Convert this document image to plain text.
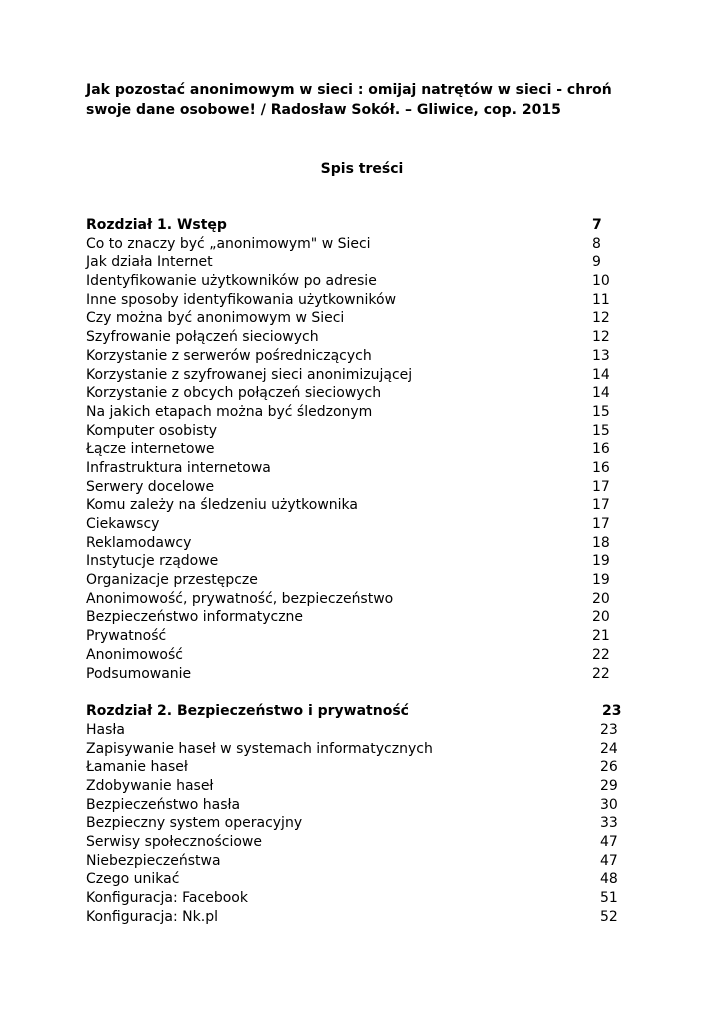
Jak pozostać anonimowym w sieci : omijaj natrętów w sieci - chroń
swoje dane osobowe! / Radosław Sokół. – Gliwice, cop. 2015
Spis treści
Rozdział 1. Wstęp	7
Co to znaczy być „anonimowym" w Sieci	8
Jak działa Internet	9
Identyfikowanie użytkowników po adresie	10
Inne sposoby identyfikowania użytkowników	11
Czy można być anonimowym w Sieci	12
Szyfrowanie połączeń sieciowych	12
Korzystanie z serwerów pośredniczących	13
Korzystanie z szyfrowanej sieci anonimizującej	14
Korzystanie z obcych połączeń sieciowych	14
Na jakich etapach można być śledzonym	15
Komputer osobisty	15
Łącze internetowe	16
Infrastruktura internetowa	16
Serwery docelowe	17
Komu zależy na śledzeniu użytkownika	17
Ciekawscy	17
Reklamodawcy	18
Instytucje rządowe	19
Organizacje przestępcze	19
Anonimowość, prywatność, bezpieczeństwo	20
Bezpieczeństwo informatyczne	20
Prywatność	21
Anonimowość	22
Podsumowanie	22
Rozdział 2. Bezpieczeństwo i prywatność	23
Hasła	23
Zapisywanie haseł w systemach informatycznych	24
Łamanie haseł	26
Zdobywanie haseł	29
Bezpieczeństwo hasła	30
Bezpieczny system operacyjny	33
Serwisy społecznościowe	47
Niebezpieczeństwa	47
Czego unikać	48
Konfiguracja: Facebook	51
Konfiguracja: Nk.pl	52
